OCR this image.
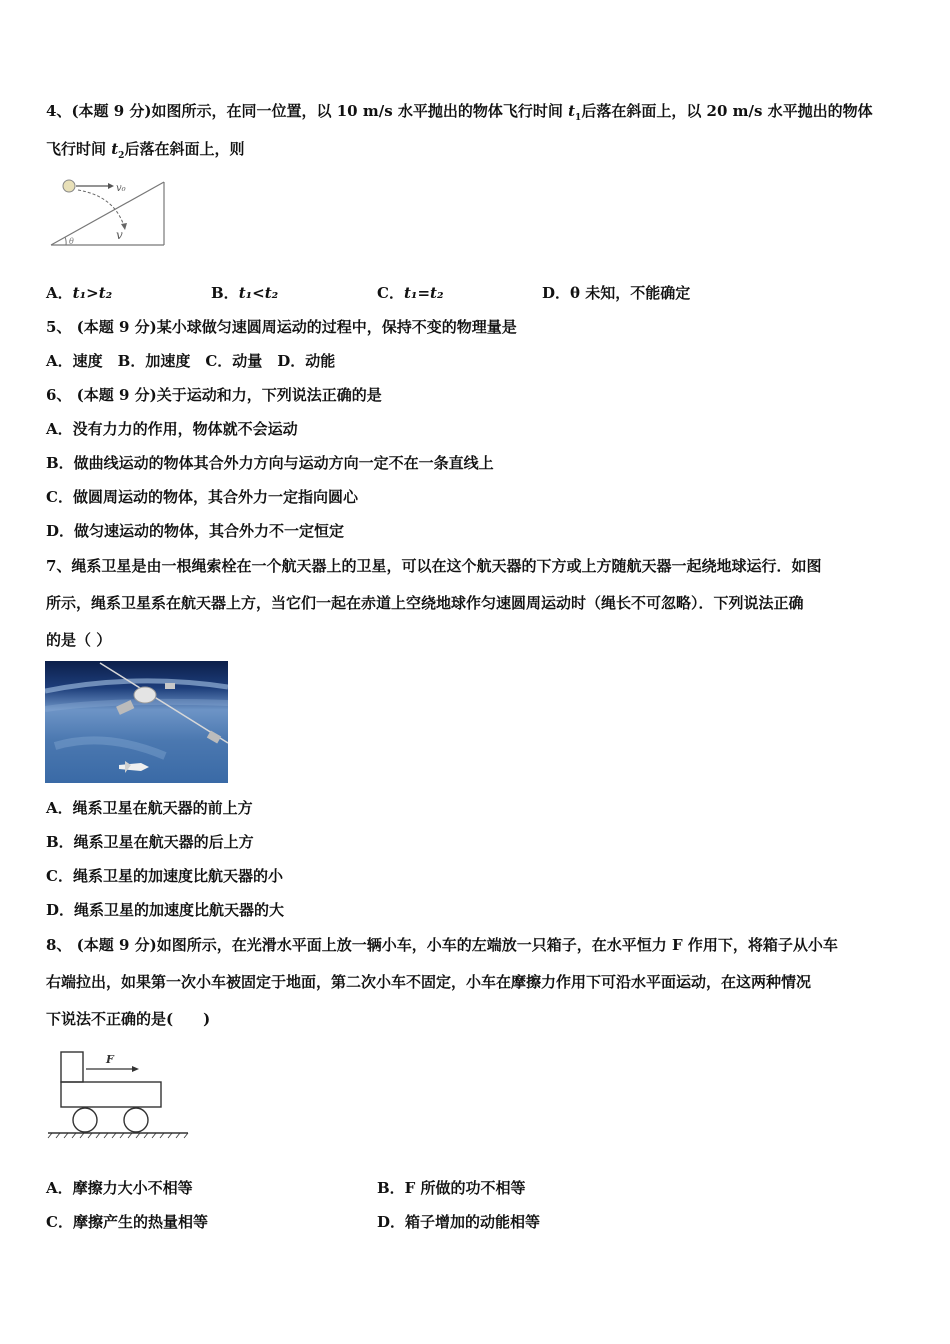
4、(本题 9 分)如图所示，在同一位置，以 10 m/s 水平抛出的物体飞行时间 $t_1$后落在斜面上，以 20 m/s 水平抛出的物体
飞行时间 $t_2$后落在斜面上，则
v₀
v
θ
A．t₁>t₂	B．t₁<t₂	C．t₁=t₂	D．θ 未知，不能确定
5、 (本题 9 分)某小球做匀速圆周运动的过程中，保持不变的物理量是
A．速度　B．加速度　C．动量　D．动能
6、 (本题 9 分)关于运动和力，下列说法正确的是
A．没有力力的作用，物体就不会运动
B．做曲线运动的物体其合外力方向与运动方向一定不在一条直线上
C．做圆周运动的物体，其合外力一定指向圆心
D．做匀速运动的物体，其合外力不一定恒定
7、绳系卫星是由一根绳索栓在一个航天器上的卫星，可以在这个航天器的下方或上方随航天器一起绕地球运行．如图
所示，绳系卫星系在航天器上方，当它们一起在赤道上空绕地球作匀速圆周运动时（绳长不可忽略）．下列说法正确
的是（ ）
A．绳系卫星在航天器的前上方
B．绳系卫星在航天器的后上方
C．绳系卫星的加速度比航天器的小
D．绳系卫星的加速度比航天器的大
8、 (本题 9 分)如图所示，在光滑水平面上放一辆小车，小车的左端放一只箱子，在水平恒力 F 作用下，将箱子从小车
右端拉出，如果第一次小车被固定于地面，第二次小车不固定，小车在摩擦力作用下可沿水平面运动，在这两种情况
下说法不正确的是(　　)
F
A．摩擦力大小不相等	B．F 所做的功不相等
C．摩擦产生的热量相等	D．箱子增加的动能相等
